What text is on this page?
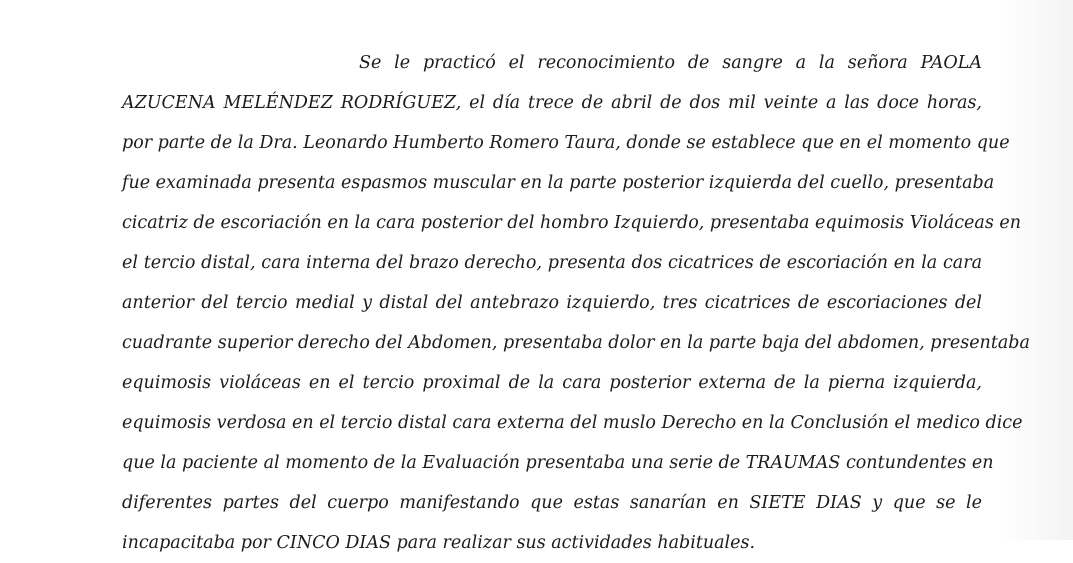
Se le practicó el reconocimiento de sangre a la señora PAOLA
AZUCENA MELÉNDEZ RODRÍGUEZ, el día trece de abril de dos mil veinte a las doce horas,
por parte de la Dra. Leonardo Humberto Romero Taura, donde se establece que en el momento que
fue examinada presenta espasmos muscular en la parte posterior izquierda del cuello, presentaba
cicatriz de escoriación en la cara posterior del hombro Izquierdo, presentaba equimosis Violáceas en
el tercio distal, cara interna del brazo derecho, presenta dos cicatrices de escoriación en la cara
anterior del tercio medial y distal del antebrazo izquierdo, tres cicatrices de escoriaciones del
cuadrante superior derecho del Abdomen, presentaba dolor en la parte baja del abdomen, presentaba
equimosis violáceas en el tercio proximal de la cara posterior externa de la pierna izquierda,
equimosis verdosa en el tercio distal cara externa del muslo Derecho en la Conclusión el medico dice
que la paciente al momento de la Evaluación presentaba una serie de TRAUMAS contundentes en
diferentes partes del cuerpo manifestando que estas sanarían en SIETE DIAS y que se le
incapacitaba por CINCO DIAS para realizar sus actividades habituales.
